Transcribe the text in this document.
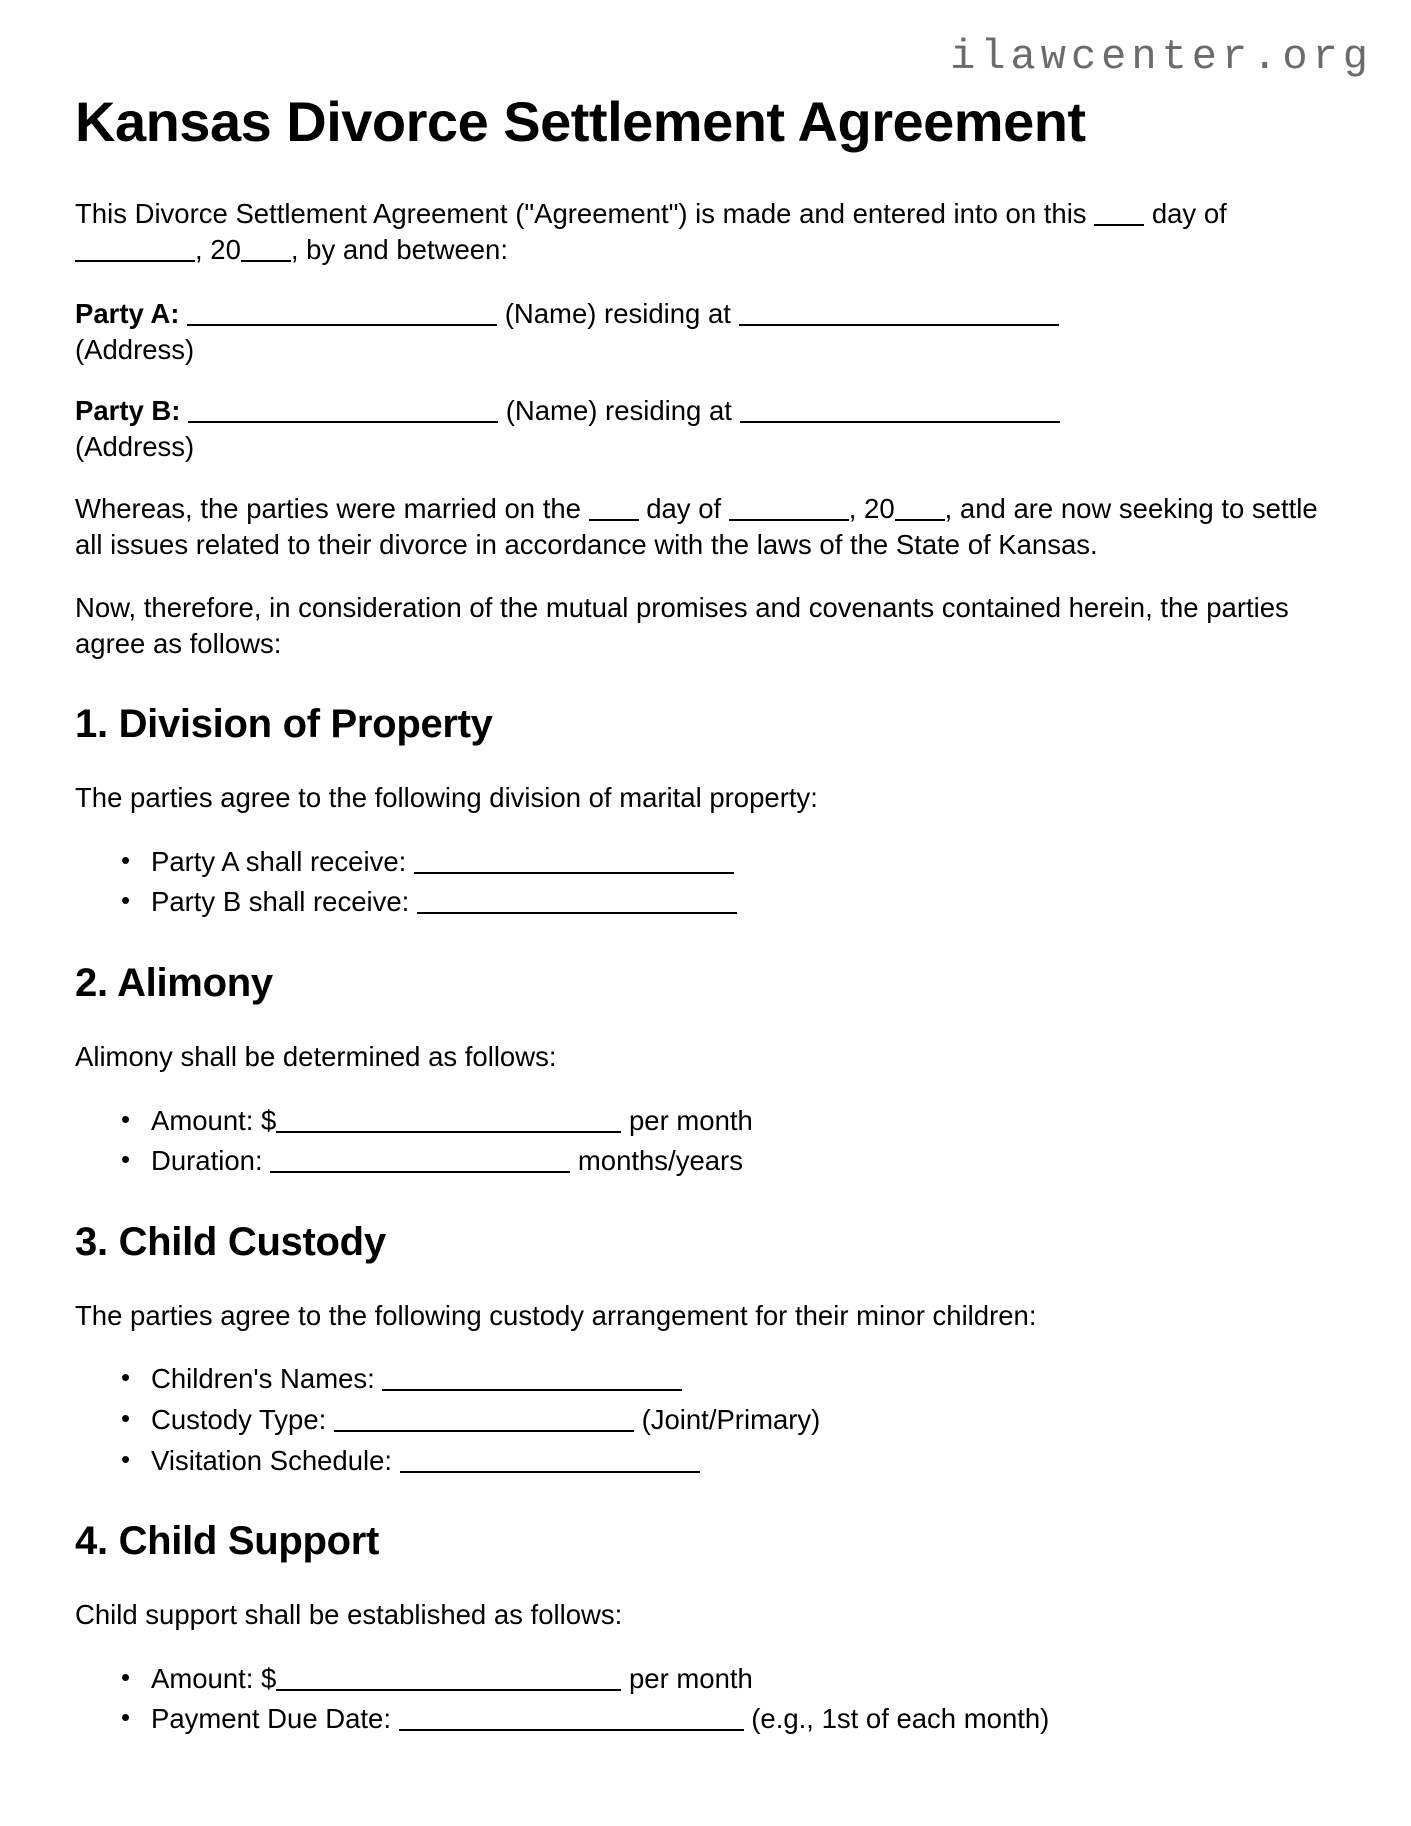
ilawcenter.org
Kansas Divorce Settlement Agreement

This Divorce Settlement Agreement ("Agreement") is made and entered into on this day of , 20 , by and between:

Party A:	(Name) residing at
(Address)

Party B:	(Name) residing at
(Address)

Whereas, the parties were married on the day of	, 20 , and are now seeking to settle all issues related to their divorce in accordance with the laws of the State of Kansas.

Now, therefore, in consideration of the mutual promises and covenants contained herein, the parties agree as follows:

1. Division of Property

The parties agree to the following division of marital property:

• Party A shall receive:
• Party B shall receive:
2. Alimony

Alimony shall be determined as follows:

• Amount: $	per month
• Duration:	months/years
3. Child Custody

The parties agree to the following custody arrangement for their minor children:

• Children's Names:
• Custody Type:	(Joint/Primary)
• Visitation Schedule:
4. Child Support

Child support shall be established as follows:

• Amount: $	per month
• Payment Due Date:	(e.g., 1st of each month)
